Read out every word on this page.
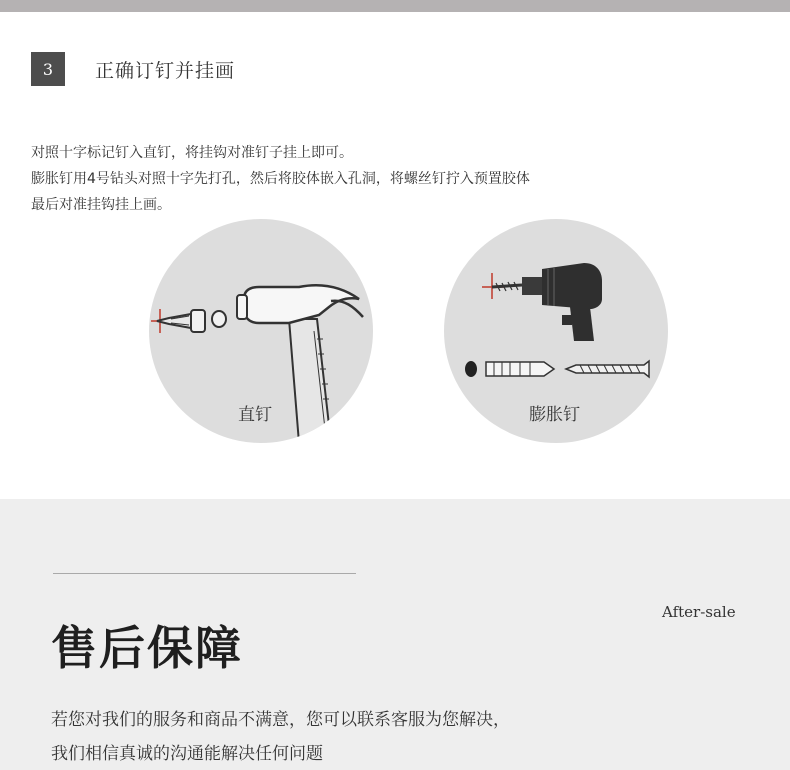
3	正确订钉并挂画
对照十字标记钉入直钉，将挂钩对准钉子挂上即可。
膨胀钉用4号钻头对照十字先打孔，然后将胶体嵌入孔洞，将螺丝钉拧入预置胶体
最后对准挂钩挂上画。
直钉	膨胀钉
After-sale
售后保障
若您对我们的服务和商品不满意，您可以联系客服为您解决，
我们相信真诚的沟通能解决任何问题
